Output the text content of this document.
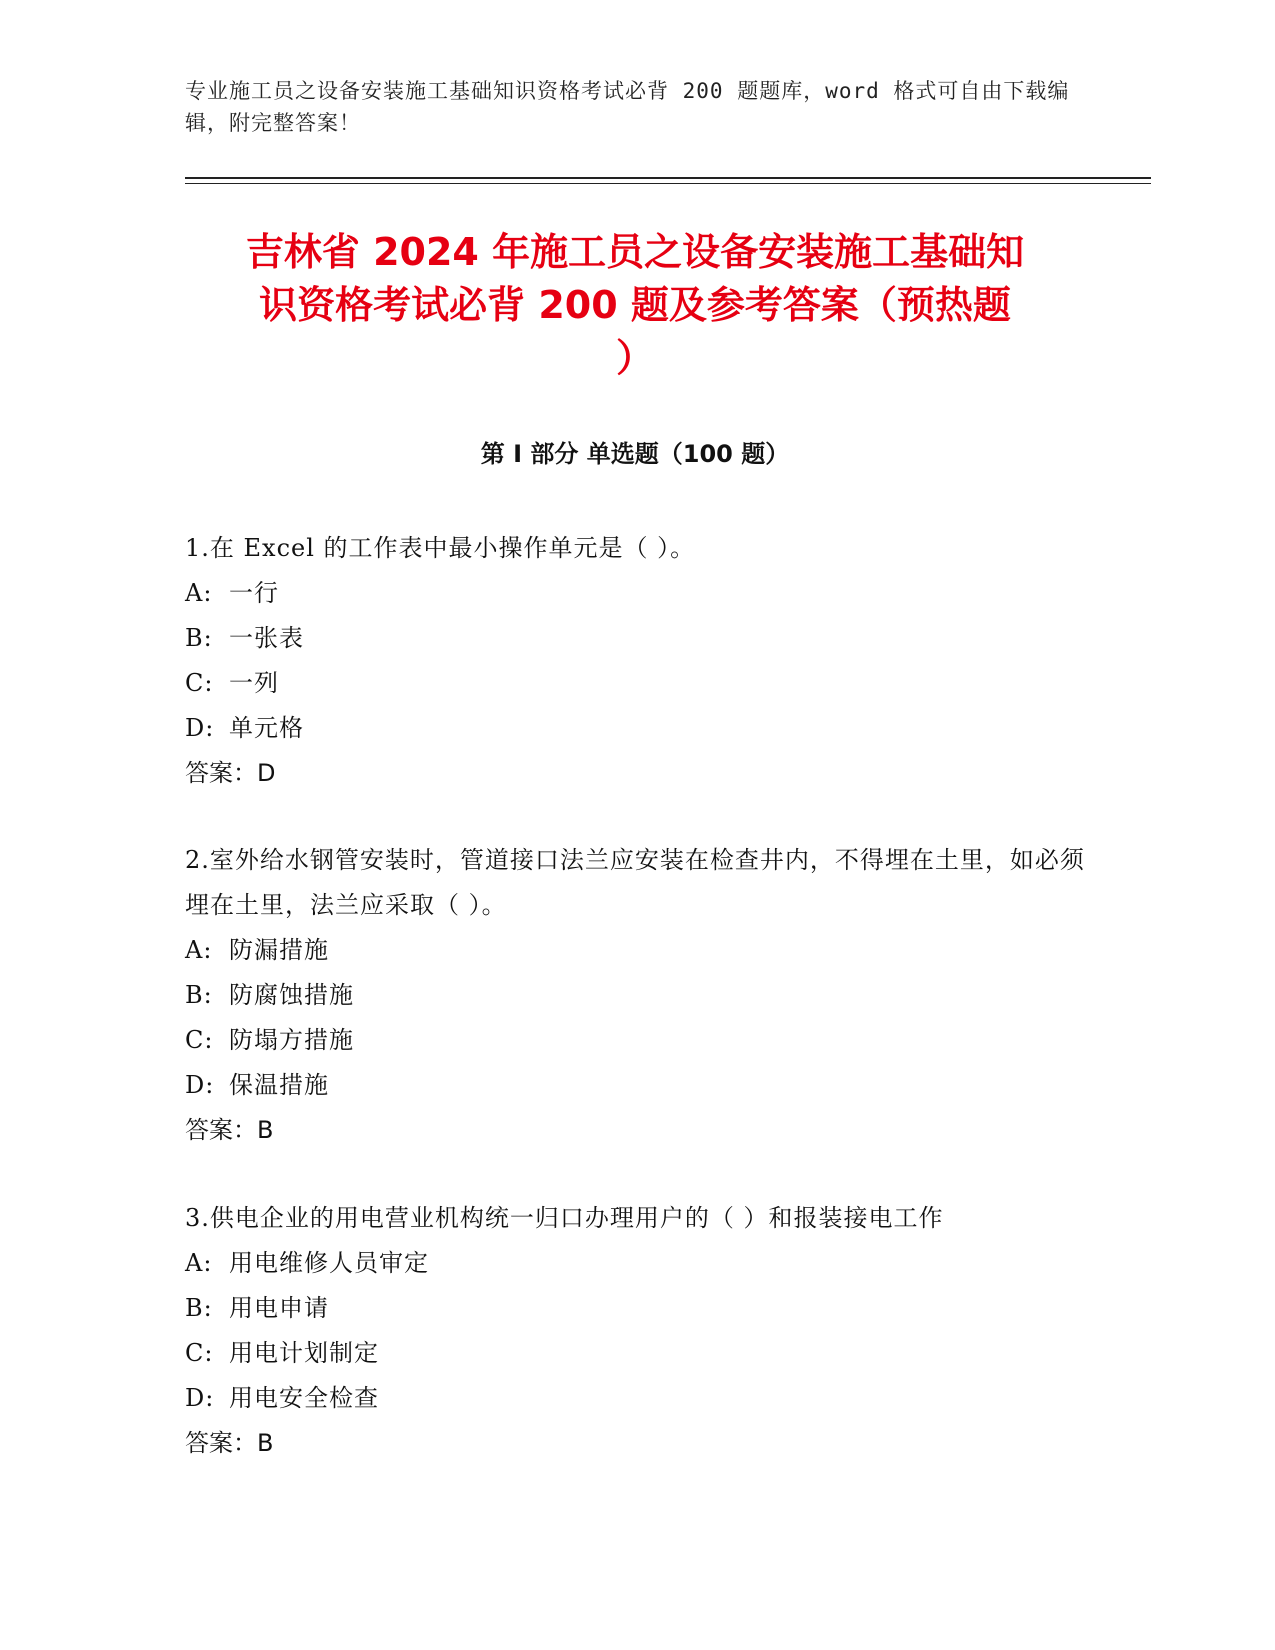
专业施工员之设备安装施工基础知识资格考试必背 200 题题库，word 格式可自由下载编辑，附完整答案！
吉林省 2024 年施工员之设备安装施工基础知
识资格考试必背 200 题及参考答案（预热题
）
第 I 部分 单选题（100 题）
1.在 Excel 的工作表中最小操作单元是（ ）。
A: 一行
B: 一张表
C: 一列
D: 单元格
答案：D
2.室外给水钢管安装时，管道接口法兰应安装在检查井内，不得埋在土里，如必须埋在土里，法兰应采取（ ）。
A: 防漏措施
B: 防腐蚀措施
C: 防塌方措施
D: 保温措施
答案：B
3.供电企业的用电营业机构统一归口办理用户的（ ）和报装接电工作
A: 用电维修人员审定
B: 用电申请
C: 用电计划制定
D: 用电安全检查
答案：B
